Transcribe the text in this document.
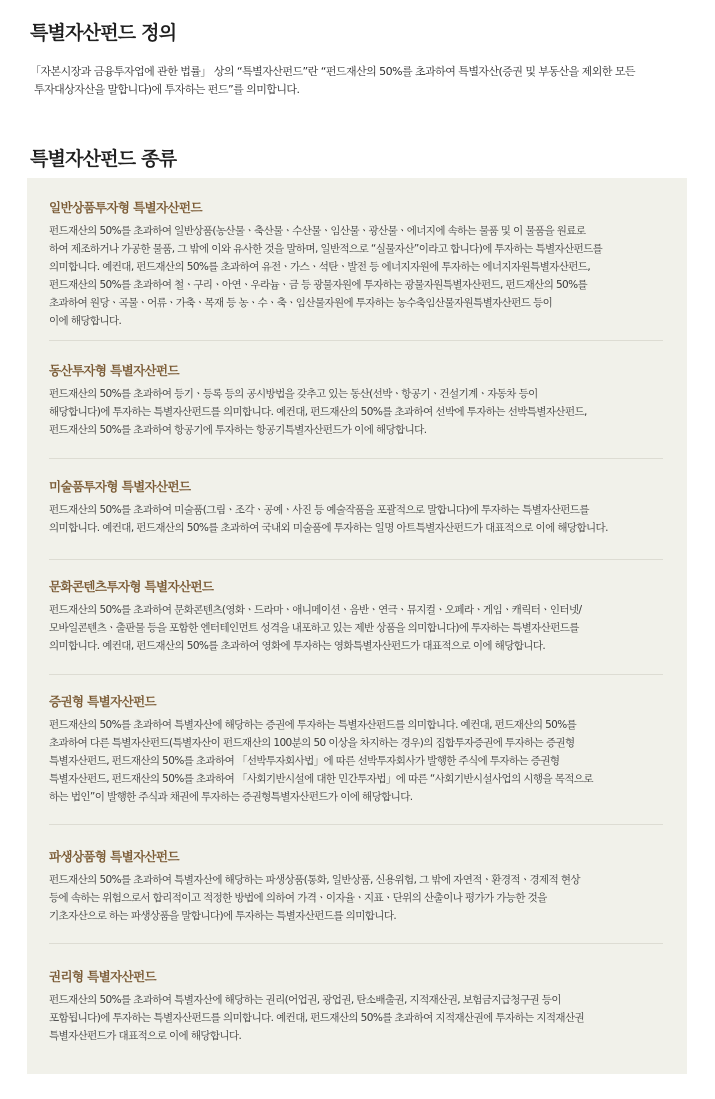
특별자산펀드 정의

「자본시장과 금융투자업에 관한 법률」 상의 “특별자산펀드”란 “펀드재산의 50%를 초과하여 특별자산(증권 및 부동산을 제외한 모든
투자대상자산을 말합니다)에 투자하는 펀드”를 의미합니다.

특별자산펀드 종류
일반상품투자형 특별자산펀드

펀드재산의 50%를 초과하여 일반상품(농산물ㆍ축산물ㆍ수산물ㆍ임산물ㆍ광산물ㆍ에너지에 속하는 물품 및 이 물품을 원료로
하여 제조하거나 가공한 물품, 그 밖에 이와 유사한 것을 말하며, 일반적으로 “실물자산”이라고 합니다)에 투자하는 특별자산펀드를
의미합니다. 예컨대, 펀드재산의 50%를 초과하여 유전ㆍ가스ㆍ석탄ㆍ발전 등 에너지자원에 투자하는 에너지자원특별자산펀드,
펀드재산의 50%를 초과하여 철ㆍ구리ㆍ아연ㆍ우라늄ㆍ금 등 광물자원에 투자하는 광물자원특별자산펀드, 펀드재산의 50%를
초과하여 원당ㆍ곡물ㆍ어류ㆍ가축ㆍ목재 등 농ㆍ수ㆍ축ㆍ임산물자원에 투자하는 농수축임산물자원특별자산펀드 등이
이에 해당합니다.

동산투자형 특별자산펀드

펀드재산의 50%를 초과하여 등기ㆍ등록 등의 공시방법을 갖추고 있는 동산(선박ㆍ항공기ㆍ건설기계ㆍ자동차 등이
해당합니다)에 투자하는 특별자산펀드를 의미합니다. 예컨대, 펀드재산의 50%를 초과하여 선박에 투자하는 선박특별자산펀드,
펀드재산의 50%를 초과하여 항공기에 투자하는 항공기특별자산펀드가 이에 해당합니다.

미술품투자형 특별자산펀드

펀드재산의 50%를 초과하여 미술품(그림ㆍ조각ㆍ공예ㆍ사진 등 예술작품을 포괄적으로 말합니다)에 투자하는 특별자산펀드를
의미합니다. 예컨대, 펀드재산의 50%를 초과하여 국내외 미술품에 투자하는 일명 아트특별자산펀드가 대표적으로 이에 해당합니다.

문화콘텐츠투자형 특별자산펀드

펀드재산의 50%를 초과하여 문화콘텐츠(영화ㆍ드라마ㆍ애니메이션ㆍ음반ㆍ연극ㆍ뮤지컬ㆍ오페라ㆍ게임ㆍ캐릭터ㆍ인터넷/
모바일콘텐츠ㆍ출판물 등을 포함한 엔터테인먼트 성격을 내포하고 있는 제반 상품을 의미합니다)에 투자하는 특별자산펀드를
의미합니다. 예컨대, 펀드재산의 50%를 초과하여 영화에 투자하는 영화특별자산펀드가 대표적으로 이에 해당합니다.

증권형 특별자산펀드

펀드재산의 50%를 초과하여 특별자산에 해당하는 증권에 투자하는 특별자산펀드를 의미합니다. 예컨대, 펀드재산의 50%를
초과하여 다른 특별자산펀드(특별자산이 펀드재산의 100분의 50 이상을 차지하는 경우)의 집합투자증권에 투자하는 증권형
특별자산펀드, 펀드재산의 50%를 초과하여 「선박투자회사법」에 따른 선박투자회사가 발행한 주식에 투자하는 증권형
특별자산펀드, 펀드재산의 50%를 초과하여 「사회기반시설에 대한 민간투자법」에 따른 “사회기반시설사업의 시행을 목적으로
하는 법인”이 발행한 주식과 채권에 투자하는 증권형특별자산펀드가 이에 해당합니다.

파생상품형 특별자산펀드

펀드재산의 50%를 초과하여 특별자산에 해당하는 파생상품(통화, 일반상품, 신용위험, 그 밖에 자연적ㆍ환경적ㆍ경제적 현상
등에 속하는 위험으로서 합리적이고 적정한 방법에 의하여 가격ㆍ이자율ㆍ지표ㆍ단위의 산출이나 평가가 가능한 것을
기초자산으로 하는 파생상품을 말합니다)에 투자하는 특별자산펀드를 의미합니다.

권리형 특별자산펀드

펀드재산의 50%를 초과하여 특별자산에 해당하는 권리(어업권, 광업권, 탄소배출권, 지적재산권, 보험금지급청구권 등이
포함됩니다)에 투자하는 특별자산펀드를 의미합니다. 예컨대, 펀드재산의 50%를 초과하여 지적재산권에 투자하는 지적재산권
특별자산펀드가 대표적으로 이에 해당합니다.
